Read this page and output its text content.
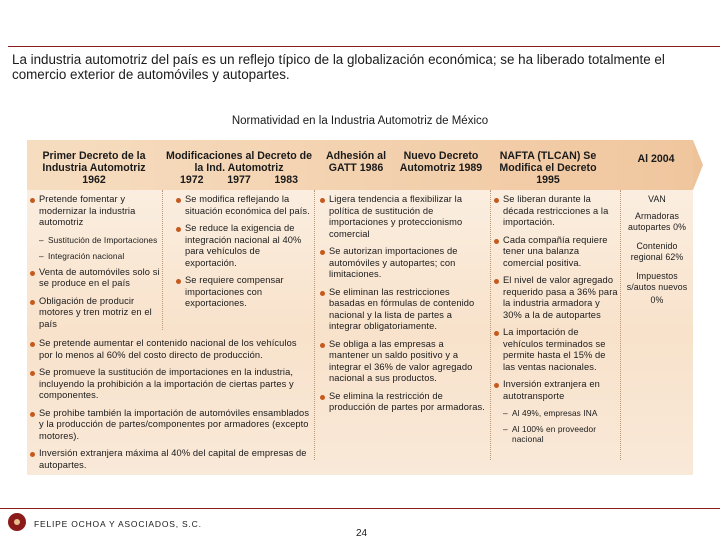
La industria automotriz del país es un reflejo típico de la globalización económica; se ha liberado totalmente el comercio exterior de automóviles y autopartes.
Normatividad en la Industria Automotriz de México
Primer Decreto de la Industria Automotriz 1962
Modificaciones al Decreto de la Ind. Automotriz
1972 1977 1983
Adhesión al GATT 1986
Nuevo Decreto Automotriz 1989
NAFTA (TLCAN) Se Modifica el Decreto 1995
Al 2004
Pretende fomentar y modernizar la industria automotriz
– Sustitución de Importaciones
– Integración nacional
Venta de automóviles solo si se produce en el país
Obligación de producir motores y tren motriz en el país
Se modifica reflejando la situación económica del país.
Se reduce la exigencia de integración nacional al 40% para vehículos de exportación.
Se requiere compensar importaciones con exportaciones.
Se pretende aumentar el contenido nacional de los vehículos por lo menos al 60% del costo directo de producción.
Se promueve la sustitución de importaciones en la industria, incluyendo la prohibición a la importación de ciertas partes y componentes.
Se prohibe también la importación de automóviles ensamblados y la producción de partes/componentes por armadores (excepto motores).
Inversión extranjera máxima al 40% del capital de empresas de autopartes.
Ligera tendencia a flexibilizar la política de sustitución de importaciones y proteccionismo comercial
Se autorizan importaciones de automóviles y autopartes; con limitaciones.
Se eliminan las restricciones basadas en fórmulas de contenido nacional y la lista de partes a integrar obligatoriamente.
Se obliga a las empresas a mantener un saldo positivo y a integrar el 36% de valor agregado nacional a sus productos.
Se elimina la restricción de producción de partes por armadoras.
Se liberan durante la década restricciones a la importación.
Cada compañía requiere tener una balanza comercial positiva.
El nivel de valor agregado requerido pasa a 36% para la industria armadora y 30% a la de autopartes
La importación de vehículos terminados se permite hasta el 15% de las ventas nacionales.
Inversión extranjera en autotransporte
– Al 49%, empresas INA
– Al 100% en proveedor nacional
VAN
Armadoras autopartes 0%
Contenido regional 62%
Impuestos s/autos nuevos
0%
FELIPE OCHOA Y ASOCIADOS, S.C.
24
